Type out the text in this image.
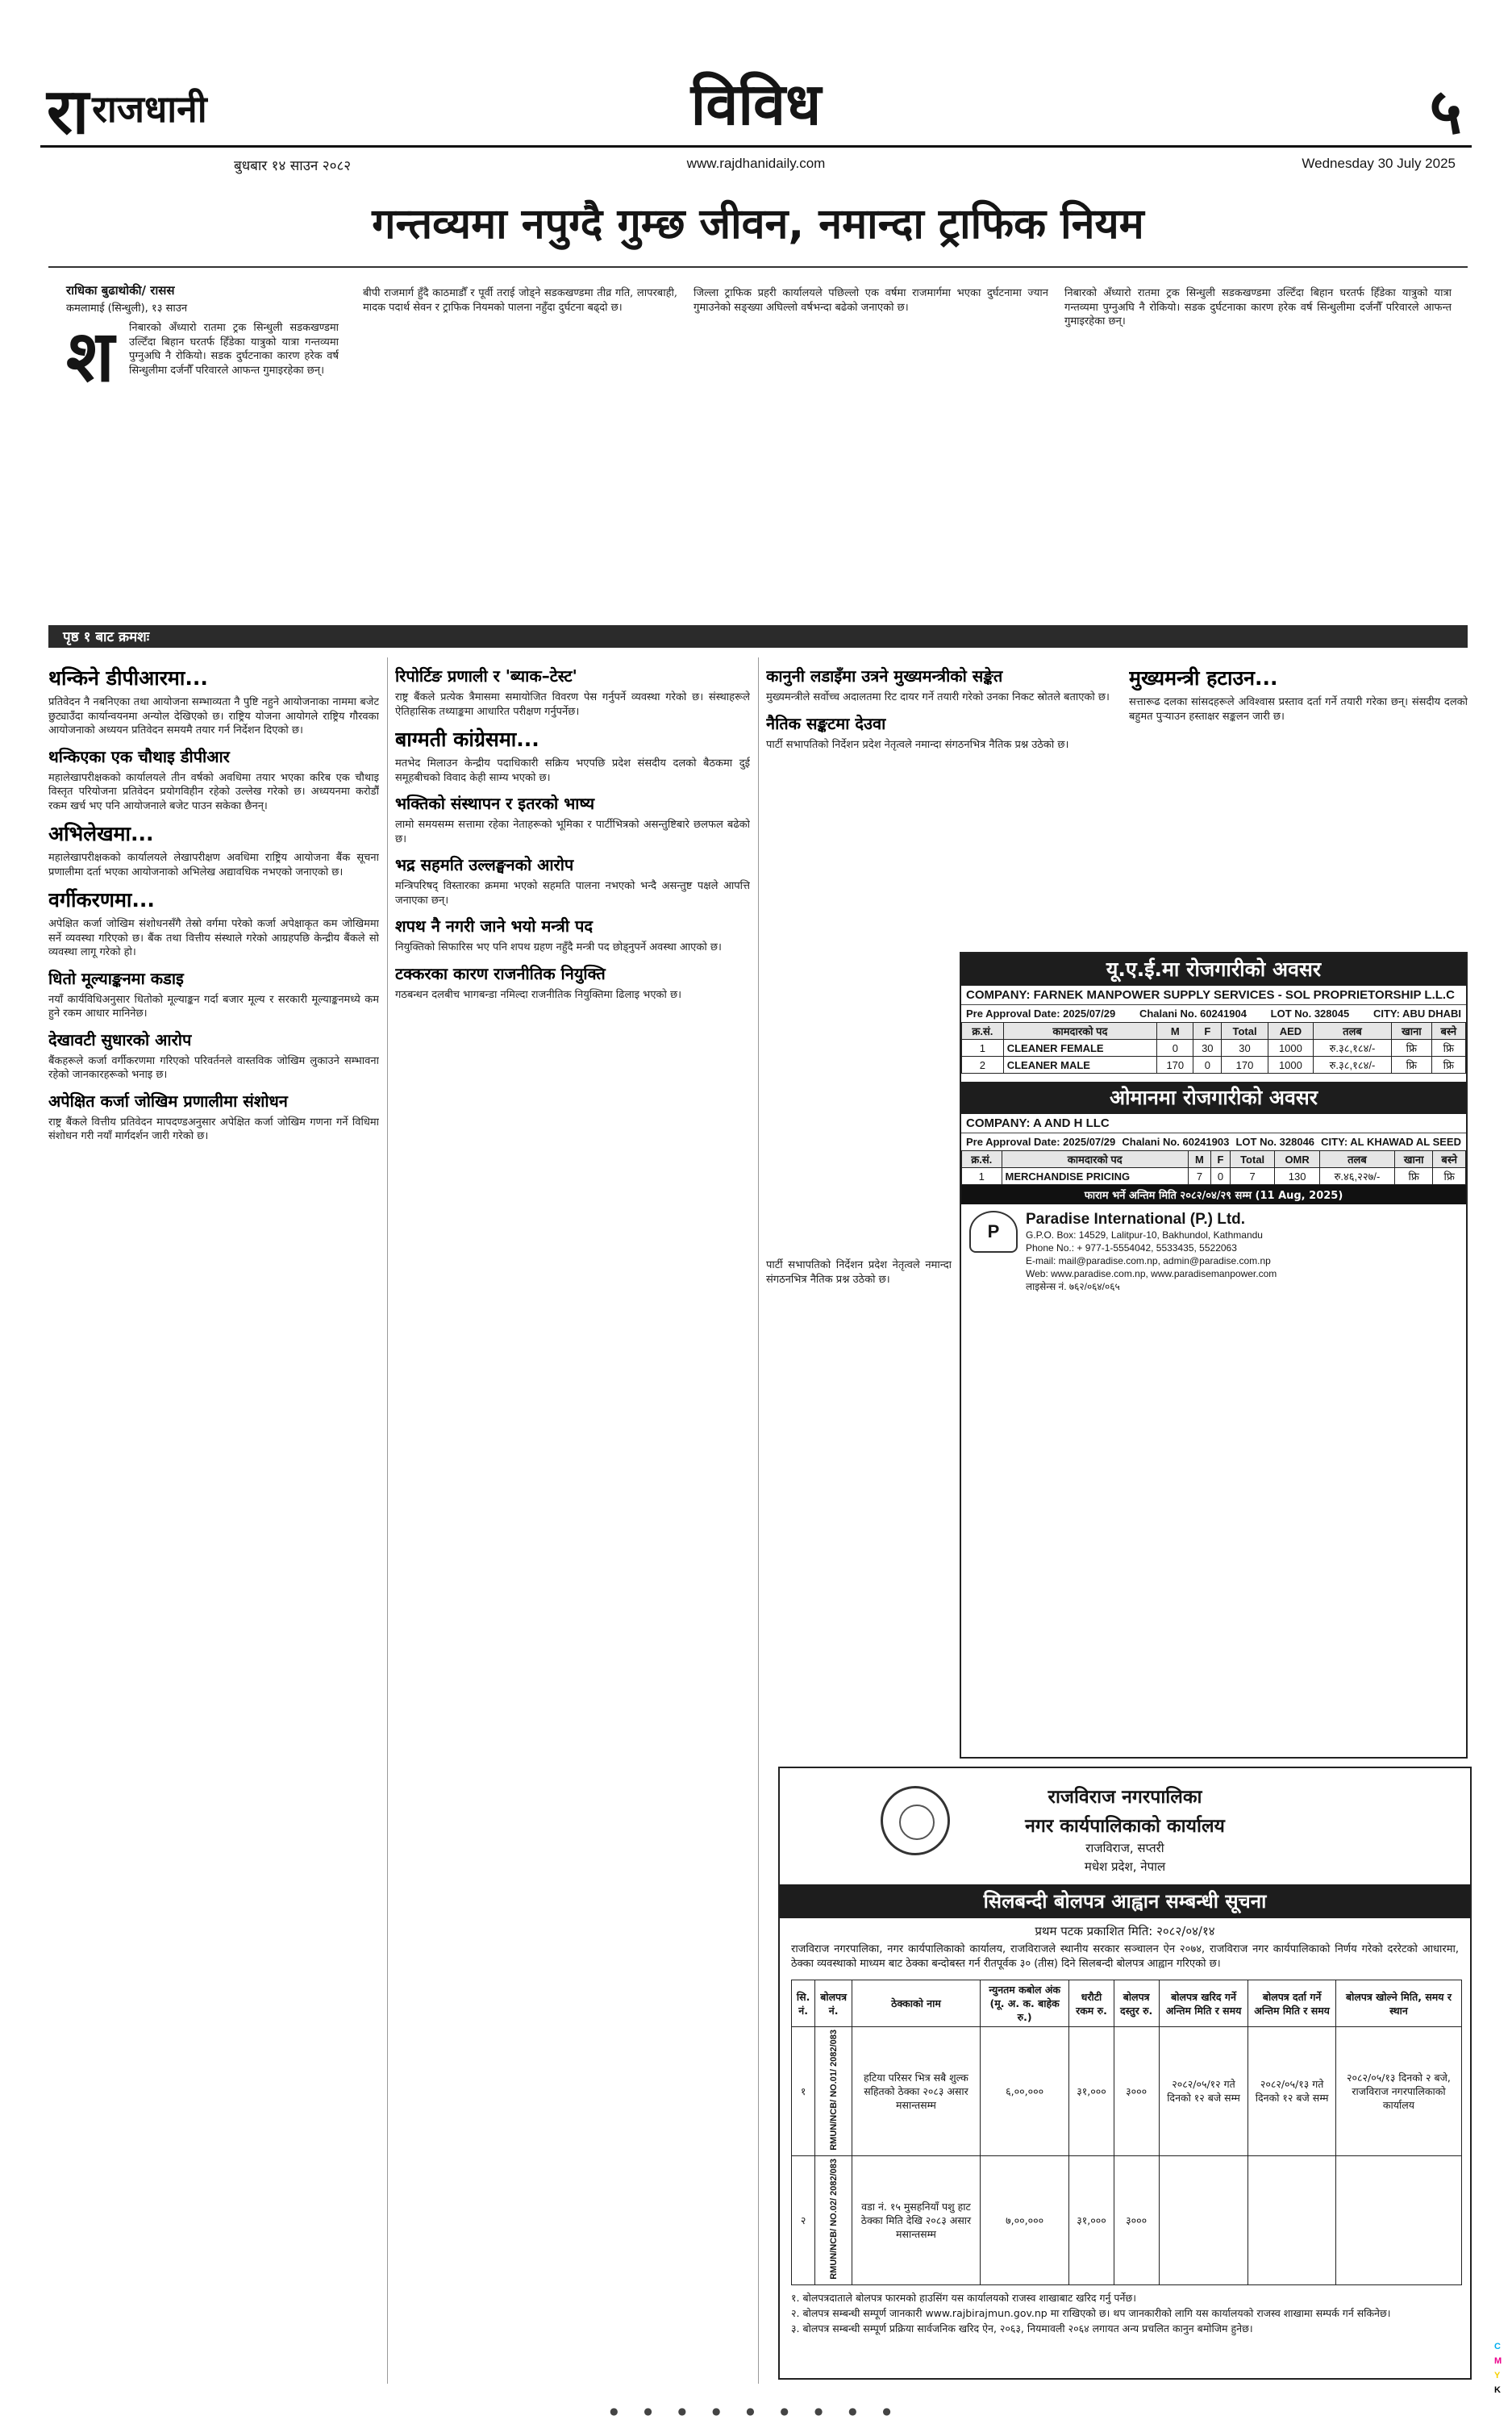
राराजधानी	विविध	५
बुधबार १४ साउन २०८२	www.rajdhanidaily.com	Wednesday 30 July 2025
गन्तव्यमा नपुग्दै गुम्छ जीवन, नमान्दा ट्राफिक नियम
राधिका बुढाथोकी/ रासस
कमलामाई (सिन्धुली), १३ साउन
श निबारको अँध्यारो रातमा ट्रक सिन्धुली सडकखण्डमा उल्टिँदा बिहान घरतर्फ हिँडेका यात्रुको यात्रा गन्तव्यमा पुग्नुअघि नै रोकियो। सडक दुर्घटनाका कारण हरेक वर्ष सिन्धुलीमा दर्जनौँ परिवारले आफन्त गुमाइरहेका छन्।

बीपी राजमार्ग हुँदै काठमाडौँ र पूर्वी तराई जोड्ने सडकखण्डमा तीव्र गति, लापरबाही, मादक पदार्थ सेवन र ट्राफिक नियमको पालना नहुँदा दुर्घटना बढ्दो छ।

जिल्ला ट्राफिक प्रहरी कार्यालयले पछिल्लो एक वर्षमा राजमार्गमा भएका दुर्घटनामा ज्यान गुमाउनेको सङ्ख्या अघिल्लो वर्षभन्दा बढेको जनाएको छ।

निबारको अँध्यारो रातमा ट्रक सिन्धुली सडकखण्डमा उल्टिँदा बिहान घरतर्फ हिँडेका यात्रुको यात्रा गन्तव्यमा पुग्नुअघि नै रोकियो। सडक दुर्घटनाका कारण हरेक वर्ष सिन्धुलीमा दर्जनौँ परिवारले आफन्त गुमाइरहेका छन्।

पृष्ठ १ बाट क्रमशः
थन्किने डीपीआरमा...

प्रतिवेदन नै नबनिएका तथा आयोजना सम्भाव्यता नै पुष्टि नहुने आयोजनाका नाममा बजेट छुट्याउँदा कार्यान्वयनमा अन्योल देखिएको छ। राष्ट्रिय योजना आयोगले राष्ट्रिय गौरवका आयोजनाको अध्ययन प्रतिवेदन समयमै तयार गर्न निर्देशन दिएको छ।

थन्किएका एक चौथाइ डीपीआर

महालेखापरीक्षकको कार्यालयले तीन वर्षको अवधिमा तयार भएका करिब एक चौथाइ विस्तृत परियोजना प्रतिवेदन प्रयोगविहीन रहेको उल्लेख गरेको छ। अध्ययनमा करोडौँ रकम खर्च भए पनि आयोजनाले बजेट पाउन सकेका छैनन्।

अभिलेखमा...

महालेखापरीक्षकको कार्यालयले लेखापरीक्षण अवधिमा राष्ट्रिय आयोजना बैंक सूचना प्रणालीमा दर्ता भएका आयोजनाको अभिलेख अद्यावधिक नभएको जनाएको छ।

वर्गीकरणमा...

अपेक्षित कर्जा जोखिम संशोधनसँगै तेस्रो वर्गमा परेको कर्जा अपेक्षाकृत कम जोखिममा सर्ने व्यवस्था गरिएको छ। बैंक तथा वित्तीय संस्थाले गरेको आग्रहपछि केन्द्रीय बैंकले सो व्यवस्था लागू गरेको हो।

धितो मूल्याङ्कनमा कडाइ

नयाँ कार्यविधिअनुसार धितोको मूल्याङ्कन गर्दा बजार मूल्य र सरकारी मूल्याङ्कनमध्ये कम हुने रकम आधार मानिनेछ।

देखावटी सुधारको आरोप

बैंकहरूले कर्जा वर्गीकरणमा गरिएको परिवर्तनले वास्तविक जोखिम लुकाउने सम्भावना रहेको जानकारहरूको भनाइ छ।

अपेक्षित कर्जा जोखिम प्रणालीमा संशोधन

राष्ट्र बैंकले वित्तीय प्रतिवेदन मापदण्डअनुसार अपेक्षित कर्जा जोखिम गणना गर्ने विधिमा संशोधन गरी नयाँ मार्गदर्शन जारी गरेको छ।

रिपोर्टिङ प्रणाली र 'ब्याक–टेस्ट'

राष्ट्र बैंकले प्रत्येक त्रैमासमा समायोजित विवरण पेस गर्नुपर्ने व्यवस्था गरेको छ। संस्थाहरूले ऐतिहासिक तथ्याङ्कमा आधारित परीक्षण गर्नुपर्नेछ।

बाग्मती कांग्रेसमा...

मतभेद मिलाउन केन्द्रीय पदाधिकारी सक्रिय भएपछि प्रदेश संसदीय दलको बैठकमा दुई समूहबीचको विवाद केही साम्य भएको छ।

भक्तिको संस्थापन र इतरको भाष्य

लामो समयसम्म सत्तामा रहेका नेताहरूको भूमिका र पार्टीभित्रको असन्तुष्टिबारे छलफल बढेको छ।

भद्र सहमति उल्लङ्घनको आरोप

मन्त्रिपरिषद् विस्तारका क्रममा भएको सहमति पालना नभएको भन्दै असन्तुष्ट पक्षले आपत्ति जनाएका छन्।

शपथ नै नगरी जाने भयो मन्त्री पद

नियुक्तिको सिफारिस भए पनि शपथ ग्रहण नहुँदै मन्त्री पद छोड्नुपर्ने अवस्था आएको छ।

टक्करका कारण राजनीतिक नियुक्ति

गठबन्धन दलबीच भागबन्डा नमिल्दा राजनीतिक नियुक्तिमा ढिलाइ भएको छ।

कानुनी लडाइँमा उत्रने मुख्यमन्त्रीको सङ्केत

मुख्यमन्त्रीले सर्वोच्च अदालतमा रिट दायर गर्ने तयारी गरेको उनका निकट स्रोतले बताएको छ।

नैतिक सङ्कटमा देउवा

पार्टी सभापतिको निर्देशन प्रदेश नेतृत्वले नमान्दा संगठनभित्र नैतिक प्रश्न उठेको छ।

मुख्यमन्त्री हटाउन...

सत्तारूढ दलका सांसदहरूले अविश्वास प्रस्ताव दर्ता गर्ने तयारी गरेका छन्। संसदीय दलको बहुमत पुर्‍याउन हस्ताक्षर सङ्कलन जारी छ।

पार्टी सभापतिको निर्देशन प्रदेश नेतृत्वले नमान्दा संगठनभित्र नैतिक प्रश्न उठेको छ।

यू.ए.ई.मा रोजगारीको अवसर
COMPANY: FARNEK MANPOWER SUPPLY SERVICES - SOL PROPRIETORSHIP L.L.C
Pre Approval Date: 2025/07/29 Chalani No. 60241904 LOT No. 328045 CITY: ABU DHABI
क्र.सं.	कामदारको पद	M	F	Total	AED	तलब	खाना	बस्ने
1	CLEANER FEMALE	0	30	30	1000	रु.३८,१८४/-	फ्रि	फ्रि
2	CLEANER MALE	170	0	170	1000	रु.३८,१८४/-	फ्रि	फ्रि
ओमानमा रोजगारीको अवसर
COMPANY: A AND H LLC
Pre Approval Date: 2025/07/29 Chalani No. 60241903 LOT No. 328046 CITY: AL KHAWAD AL SEED
क्र.सं.	कामदारको पद	M	F	Total	OMR	तलब	खाना	बस्ने
1	MERCHANDISE PRICING	7	0	7	130	रु.४६,२२७/-	फ्रि	फ्रि
फाराम भर्ने अन्तिम मिति २०८२/०४/२९ सम्म (11 Aug, 2025)
P
Paradise International (P.) Ltd.
G.P.O. Box: 14529, Lalitpur-10, Bakhundol, Kathmandu
Phone No.: + 977-1-5554042, 5533435, 5522063
E-mail: mail@paradise.com.np, admin@paradise.com.np
Web: www.paradise.com.np, www.paradisemanpower.com
लाइसेन्स नं. ७६२/०६४/०६५
राजविराज नगरपालिका
नगर कार्यपालिकाको कार्यालय
राजविराज, सप्तरी
मधेश प्रदेश, नेपाल
सिलबन्दी बोलपत्र आह्वान सम्बन्धी सूचना
प्रथम पटक प्रकाशित मिति: २०८२/०४/१४
राजविराज नगरपालिका, नगर कार्यपालिकाको कार्यालय, राजविराजले स्थानीय सरकार सञ्चालन ऐन २०७४, राजविराज नगर कार्यपालिकाको निर्णय गरेको दररेटको आधारमा, ठेक्का व्यवस्थाको माध्यम बाट ठेक्का बन्दोबस्त गर्न रीतपूर्वक ३० (तीस) दिने सिलबन्दी बोलपत्र आह्वान गरिएको छ।
सि. नं.	बोलपत्र नं.	ठेक्काको नाम	न्युनतम कबोल अंक (मू. अ. क. बाहेक रु.)	धरौटी रकम रु.	बोलपत्र दस्तुर रु.	बोलपत्र खरिद गर्ने अन्तिम मिति र समय	बोलपत्र दर्ता गर्ने अन्तिम मिति र समय	बोलपत्र खोल्ने मिति, समय र स्थान
१	RMUN/NCB/ NO.01/ 2082/083	हटिया परिसर भित्र सबै शुल्क सहितको ठेक्का २०८३ असार मसान्तसम्म	६,००,०००	३१,०००	३०००	२०८२/०५/१२ गते दिनको १२ बजे सम्म	२०८२/०५/१३ गते दिनको १२ बजे सम्म	२०८२/०५/१३ दिनको २ बजे, राजविराज नगरपालिकाको कार्यालय
२	RMUN/NCB/ NO.02/ 2082/083	वडा नं. १५ मुसहनियाँ पशु हाट ठेक्का मिति देखि २०८३ असार मसान्तसम्म	७,००,०००	३१,०००	३०००			

१. बोलपत्रदाताले बोलपत्र फारमको हाउसिंग यस कार्यालयको राजस्व शाखाबाट खरिद गर्नु पर्नेछ।

२. बोलपत्र सम्बन्धी सम्पूर्ण जानकारी www.rajbirajmun.gov.np मा राखिएको छ। थप जानकारीको लागि यस कार्यालयको राजस्व शाखामा सम्पर्क गर्न सकिनेछ।

३. बोलपत्र सम्बन्धी सम्पूर्ण प्रक्रिया सार्वजनिक खरिद ऐन, २०६३, नियमावली २०६४ लगायत अन्य प्रचलित कानुन बमोजिम हुनेछ।

● ● ● ● ● ● ● ● ●
C
M
Y
K
